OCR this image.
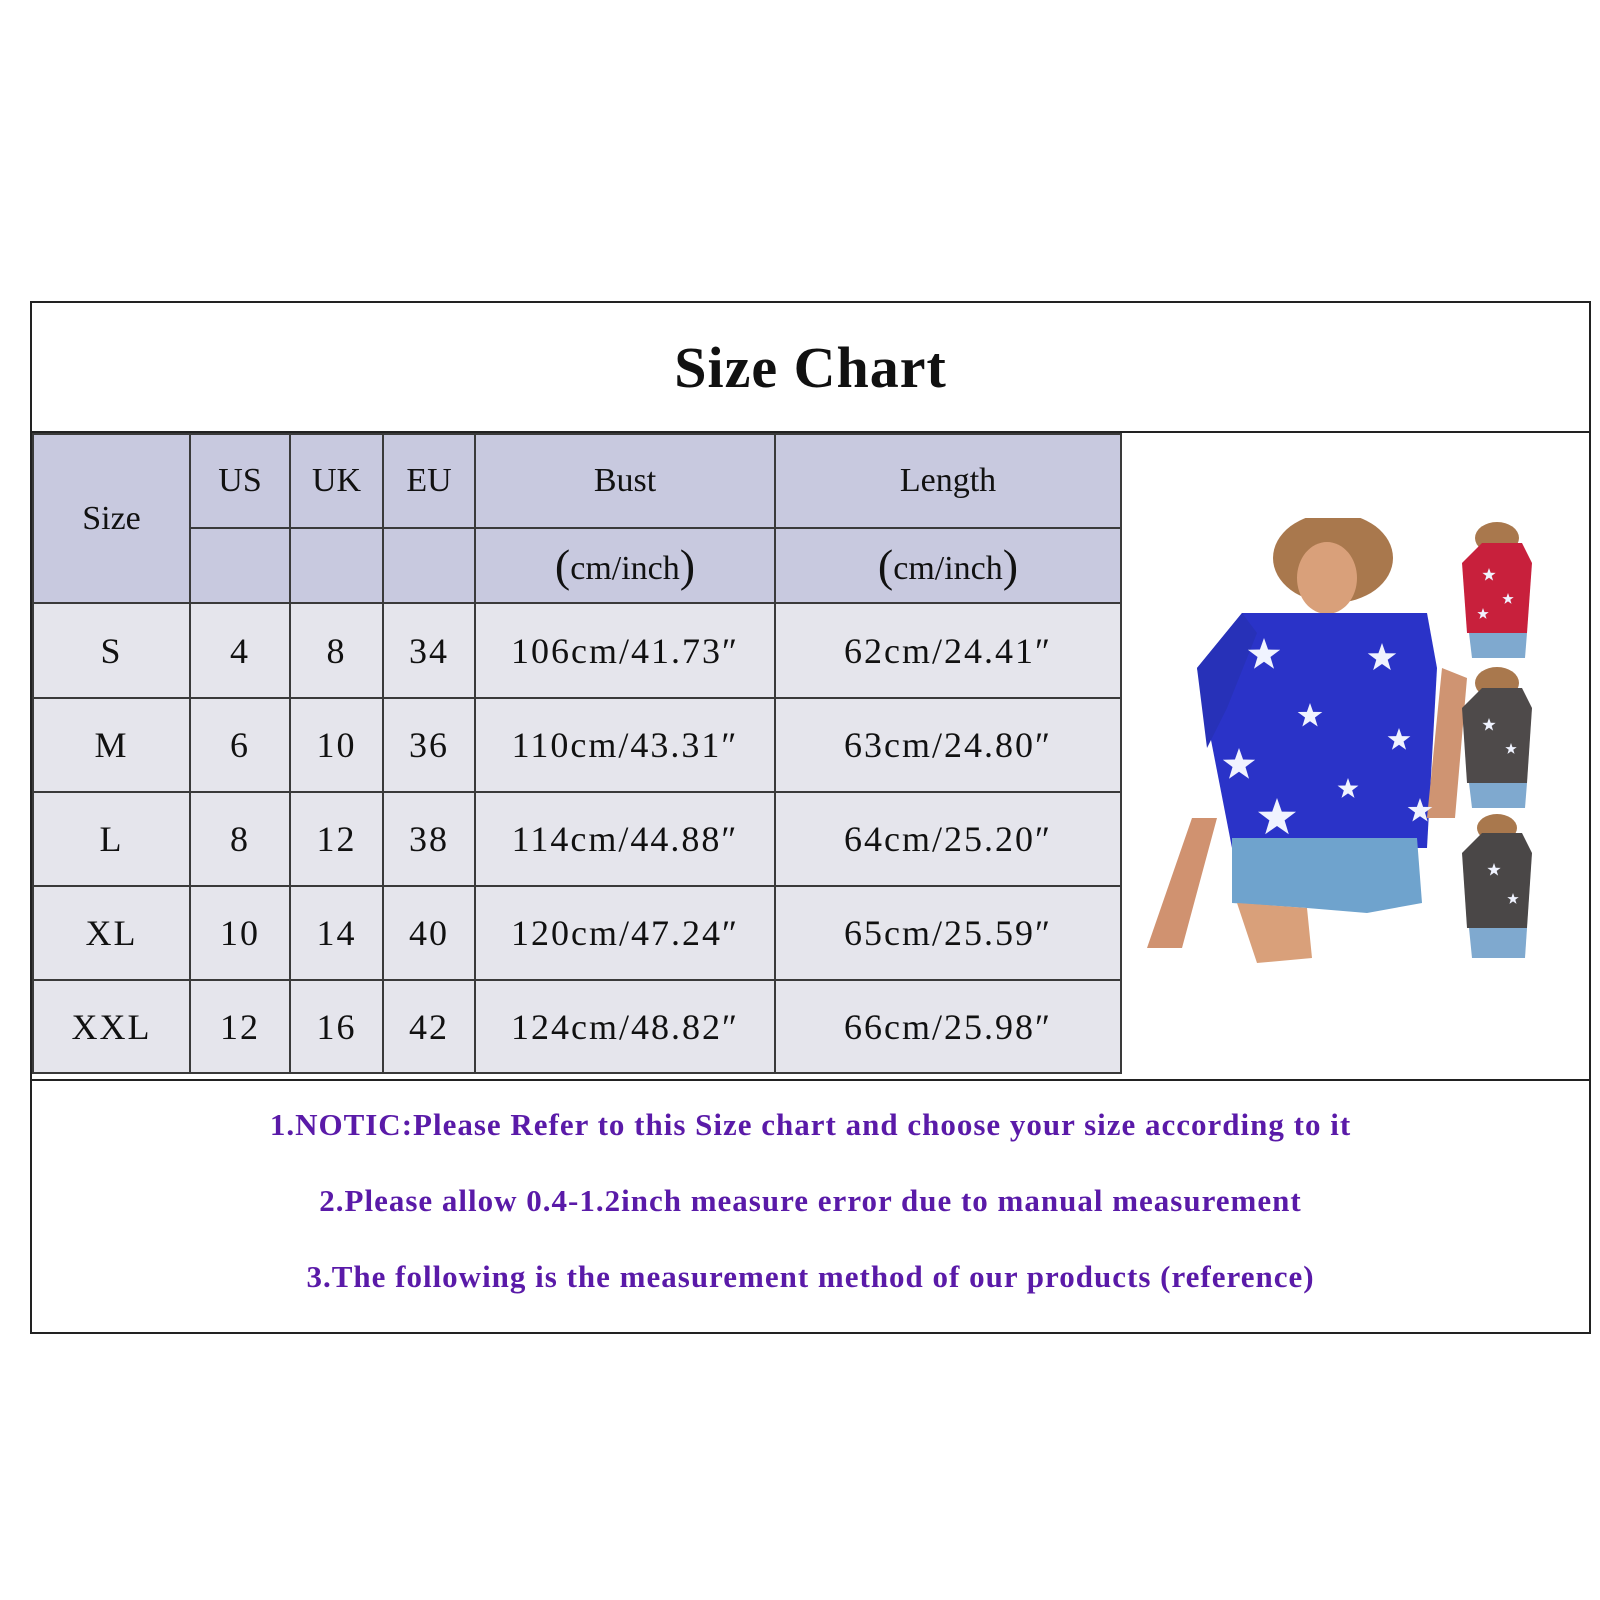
Size Chart
Size	US	UK	EU	Bust	Length
				(cm/inch)	(cm/inch)
S	4	8	34	106cm/41.73″	62cm/24.41″
M	6	10	36	110cm/43.31″	63cm/24.80″
L	8	12	38	114cm/44.88″	64cm/25.20″
XL	10	14	40	120cm/47.24″	65cm/25.59″
XXL	12	16	42	124cm/48.82″	66cm/25.98″
1.NOTIC:Please Refer to this Size chart and choose your size according to it
2.Please allow 0.4-1.2inch measure error due to manual measurement
3.The following is the measurement method of our products (reference)
